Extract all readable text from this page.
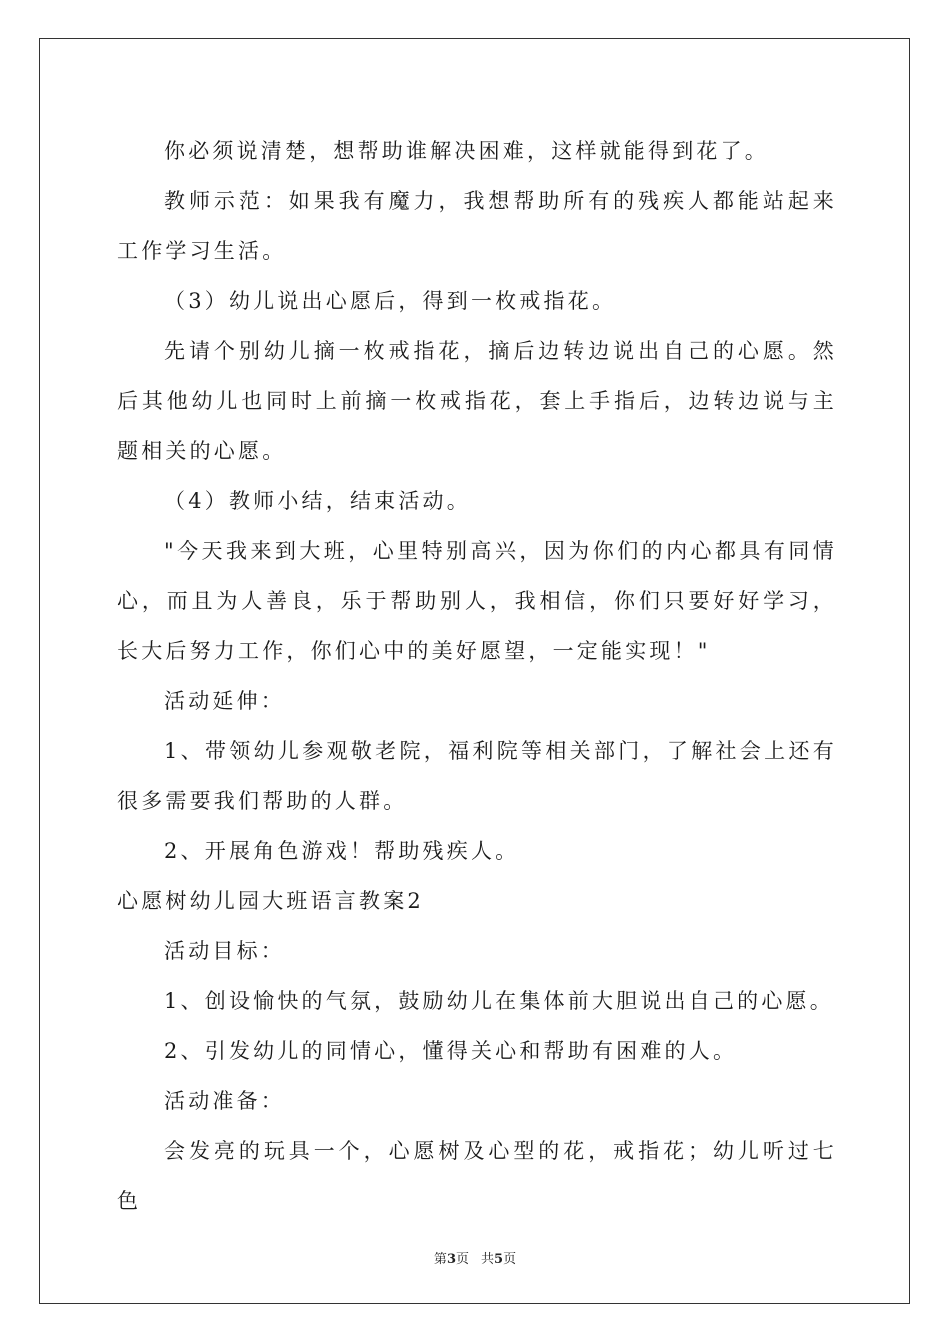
你必须说清楚，想帮助谁解决困难，这样就能得到花了。

教师示范：如果我有魔力，我想帮助所有的残疾人都能站起来工作学习生活。

（3）幼儿说出心愿后，得到一枚戒指花。

先请个别幼儿摘一枚戒指花，摘后边转边说出自己的心愿。然后其他幼儿也同时上前摘一枚戒指花，套上手指后，边转边说与主题相关的心愿。

（4）教师小结，结束活动。

"今天我来到大班，心里特别高兴，因为你们的内心都具有同情心，而且为人善良，乐于帮助别人，我相信，你们只要好好学习，长大后努力工作，你们心中的美好愿望，一定能实现！"

活动延伸：

1、带领幼儿参观敬老院，福利院等相关部门，了解社会上还有很多需要我们帮助的人群。

2、开展角色游戏！帮助残疾人。

心愿树幼儿园大班语言教案2

活动目标：

1、创设愉快的气氛，鼓励幼儿在集体前大胆说出自己的心愿。

2、引发幼儿的同情心，懂得关心和帮助有困难的人。

活动准备：

会发亮的玩具一个，心愿树及心型的花，戒指花；幼儿听过七色

第3页 共5页
